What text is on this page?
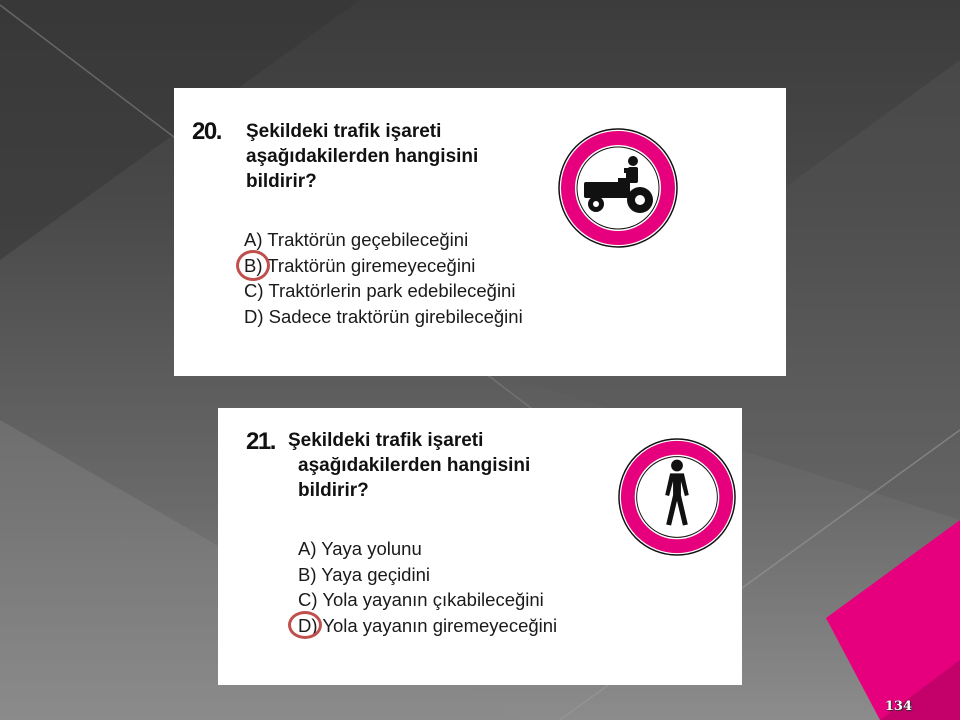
20. Şekildeki trafik işareti
aşağıdakilerden hangisini
bildirir?
A) Traktörün geçebileceğini
B) Traktörün giremeyeceğini
C) Traktörlerin park edebileceğini
D) Sadece traktörün girebileceğini
21. Şekildeki trafik işareti
aşağıdakilerden hangisini
bildirir?
A) Yaya yolunu
B) Yaya geçidini
C) Yola yayanın çıkabileceğini
D) Yola yayanın giremeyeceğini
134
